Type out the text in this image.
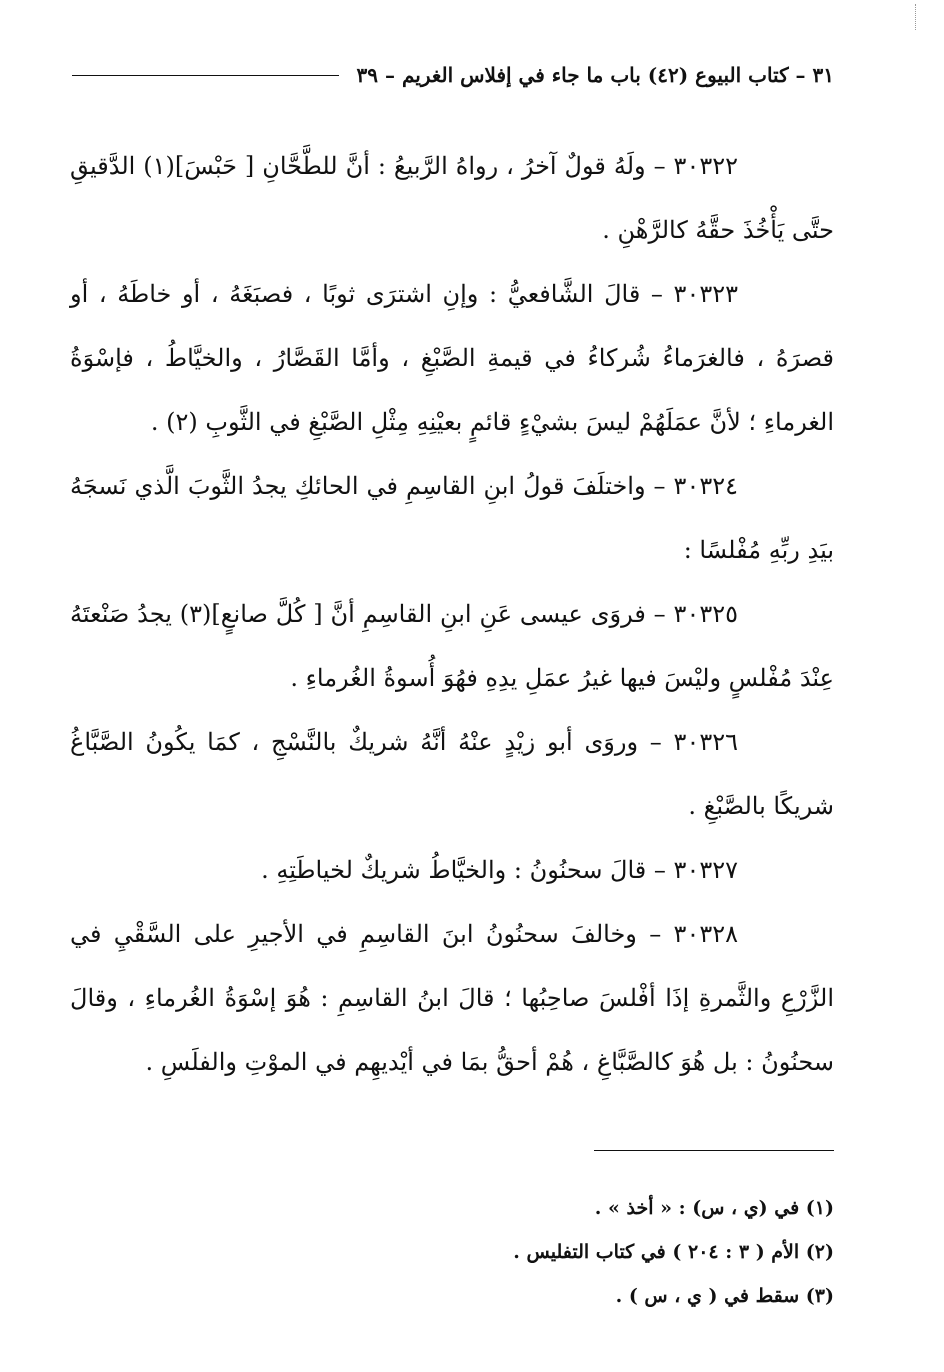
٣١ – كتاب البيوع (٤٢) باب ما جاء في إفلاس الغريم – ٣٩

٣٠٣٢٢ – ولَهُ قولٌ آخرُ ، رواهُ الرَّبيعُ : أنَّ للطَّحَّانِ [ حَبْسَ](١) الدَّقيقِ حتَّى يَأْخُذَ حقَّهُ كالرَّهْنِ .

٣٠٣٢٣ – قالَ الشَّافعيُّ : وإنِ اشترَى ثوبًا ، فصبَغَهُ ، أو خاطَهُ ، أو قصرَهُ ، فالغرَماءُ شُركاءُ في قيمةِ الصَّبْغِ ، وأمَّا القَصَّارُ ، والخيَّاطُ ، فإسْوَةُ الغرماءِ ؛ لأنَّ عمَلَهُمْ ليسَ بشيْءٍ قائمٍ بعيْنِهِ مِثْلِ الصَّبْغِ في الثَّوبِ (٢) .

٣٠٣٢٤ – واختلَفَ قولُ ابنِ القاسِمِ في الحائكِ يجدُ الثَّوبَ الَّذي نَسجَهُ بيَدِ ربِّهِ مُفْلسًا :

٣٠٣٢٥ – فروَى عيسى عَنِ ابنِ القاسِمِ أنَّ [ كُلَّ صانعٍ](٣) يجدُ صَنْعتَهُ عِنْدَ مُفْلسٍ وليْسَ فيها غيرُ عمَلِ يدِهِ فهُوَ أُسوةُ الغُرماءِ .

٣٠٣٢٦ – وروَى أبو زيْدٍ عنْهُ أنَّهُ شريكٌ بالنَّسْجِ ، كمَا يكُونُ الصَّبَّاغُ شريكًا بالصَّبْغِ .

٣٠٣٢٧ – قالَ سحنُونُ : والخيَّاطُ شريكٌ لخياطَتِهِ .

٣٠٣٢٨ – وخالفَ سحنُونُ ابنَ القاسِمِ في الأجيرِ على السَّقْيِ في الزَّرْعِ والثَّمرةِ إذَا أفْلسَ صاحِبُها ؛ قالَ ابنُ القاسِمِ : هُوَ إسْوَةُ الغُرماءِ ، وقالَ سحنُونُ : بل هُوَ كالصَّبَّاغِ ، هُمْ أحقُّ بمَا في أيْديهِم في الموْتِ والفلَسِ .

(١) في (ي ، س) : « أخذ » .

(٢) الأم ( ٣ : ٢٠٤ ) في كتاب التفليس .

(٣) سقط في ( ي ، س ) .
